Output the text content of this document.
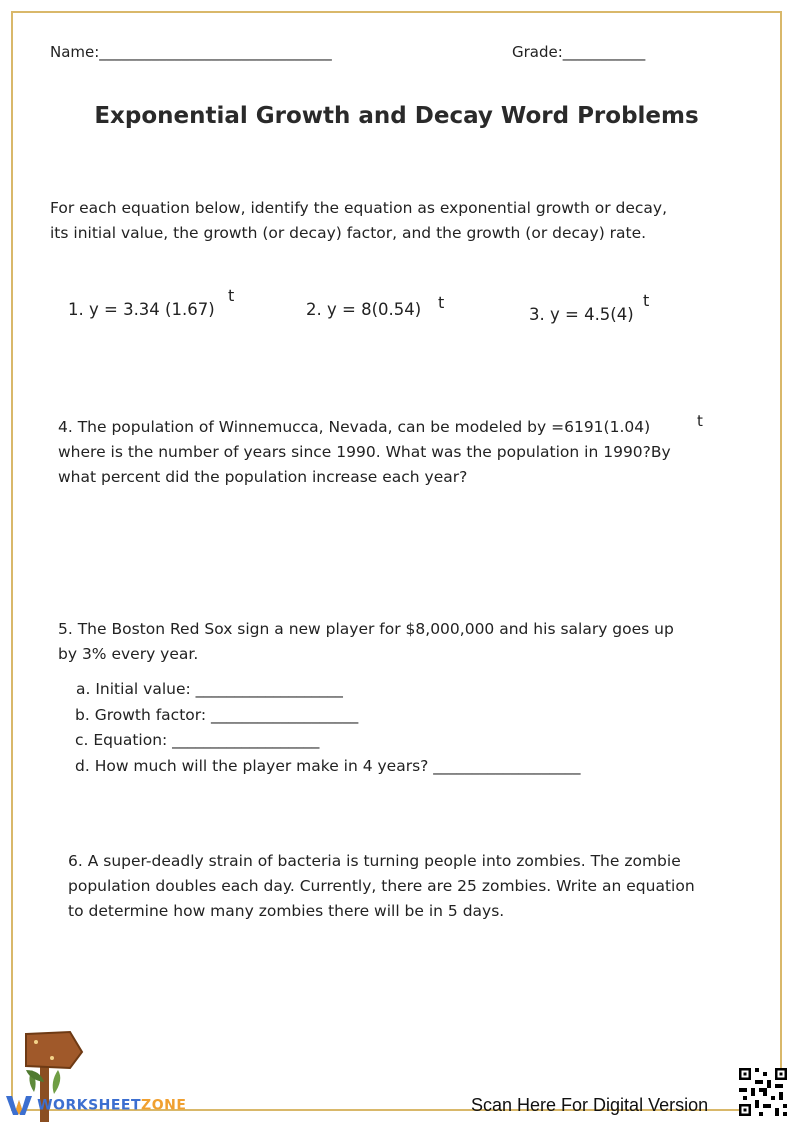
Name:_______________________________	Grade:___________
Exponential Growth and Decay Word Problems
For each equation below, identify the equation as exponential growth or decay,
its initial value, the growth (or decay) factor, and the growth (or decay) rate.
1. y = 3.34 (1.67)
t
2. y = 8(0.54) t
3. y = 4.5(4)
t
4. The population of Winnemucca, Nevada, can be modeled by =6191(1.04)
where is the number of years since 1990. What was the population in 1990?By
what percent did the population increase each year?
t
5. The Boston Red Sox sign a new player for $8,000,000 and his salary goes up
by 3% every year.
a. Initial value: ___________________
b. Growth factor: ___________________
c. Equation: ___________________
d. How much will the player make in 4 years? ___________________
6. A super-deadly strain of bacteria is turning people into zombies. The zombie
population doubles each day. Currently, there are 25 zombies. Write an equation
to determine how many zombies there will be in 5 days.
WORKSHEETZONE	Scan Here For Digital Version
